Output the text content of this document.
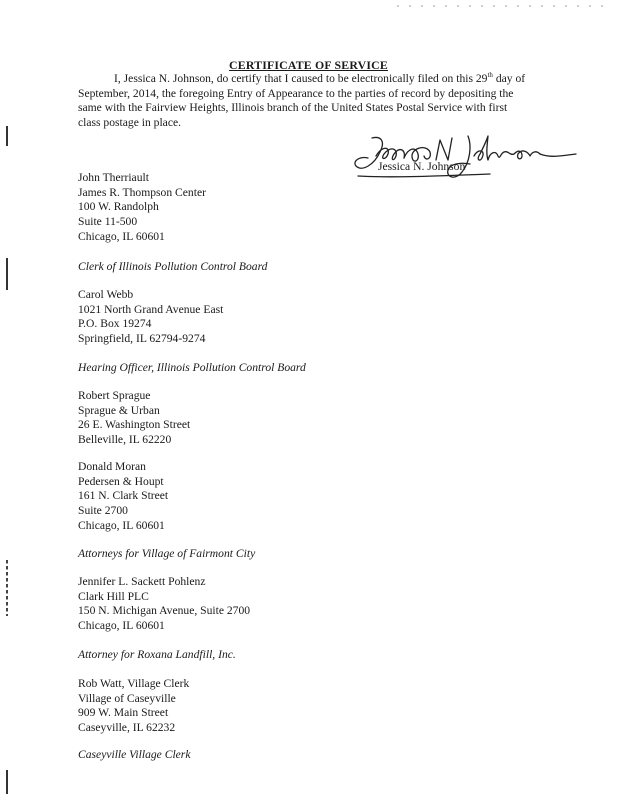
CERTIFICATE OF SERVICE

I, Jessica N. Johnson, do certify that I caused to be electronically filed on this 29th day of
September, 2014, the foregoing Entry of Appearance to the parties of record by depositing the
same with the Fairview Heights, Illinois branch of the United States Postal Service with first
class postage in place.

Jessica N. Johnson
John Therriault
James R. Thompson Center
100 W. Randolph
Suite 11-500
Chicago, IL 60601
Clerk of Illinois Pollution Control Board
Carol Webb
1021 North Grand Avenue East
P.O. Box 19274
Springfield, IL 62794-9274
Hearing Officer, Illinois Pollution Control Board
Robert Sprague
Sprague & Urban
26 E. Washington Street
Belleville, IL 62220
Donald Moran
Pedersen & Houpt
161 N. Clark Street
Suite 2700
Chicago, IL 60601
Attorneys for Village of Fairmont City
Jennifer L. Sackett Pohlenz
Clark Hill PLC
150 N. Michigan Avenue, Suite 2700
Chicago, IL 60601
Attorney for Roxana Landfill, Inc.
Rob Watt, Village Clerk
Village of Caseyville
909 W. Main Street
Caseyville, IL 62232
Caseyville Village Clerk
